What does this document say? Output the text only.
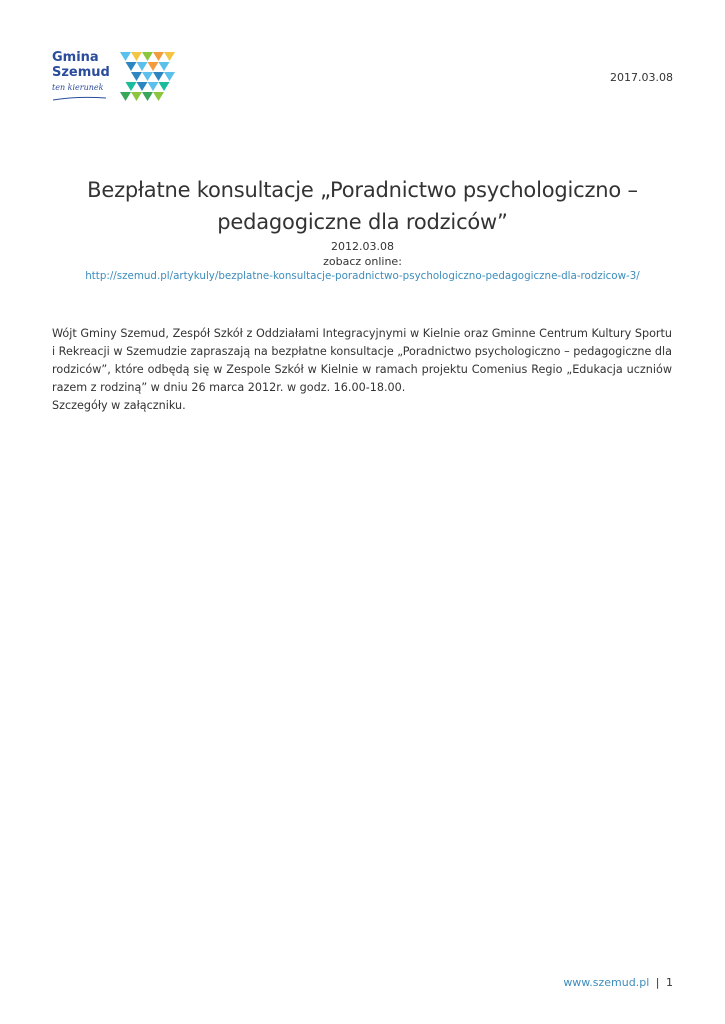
Gmina
Szemud
ten kierunek
2017.03.08
Bezpłatne konsultacje „Poradnictwo psychologiczno – pedagogiczne dla rodziców”
2012.03.08
zobacz online:
http://szemud.pl/artykuly/bezplatne-konsultacje-poradnictwo-psychologiczno-pedagogiczne-dla-rodzicow-3/
Wójt Gminy Szemud, Zespół Szkół z Oddziałami Integracyjnymi w Kielnie oraz Gminne Centrum Kultury Sportu i Rekreacji w Szemudzie zapraszają na bezpłatne konsultacje „Poradnictwo psychologiczno – pedagogiczne dla rodziców”, które odbędą się w Zespole Szkół w Kielnie w ramach projektu Comenius Regio „Edukacja uczniów razem z rodziną” w dniu 26 marca 2012r. w godz. 16.00-18.00.
Szczegóły w załączniku.
www.szemud.pl | 1
